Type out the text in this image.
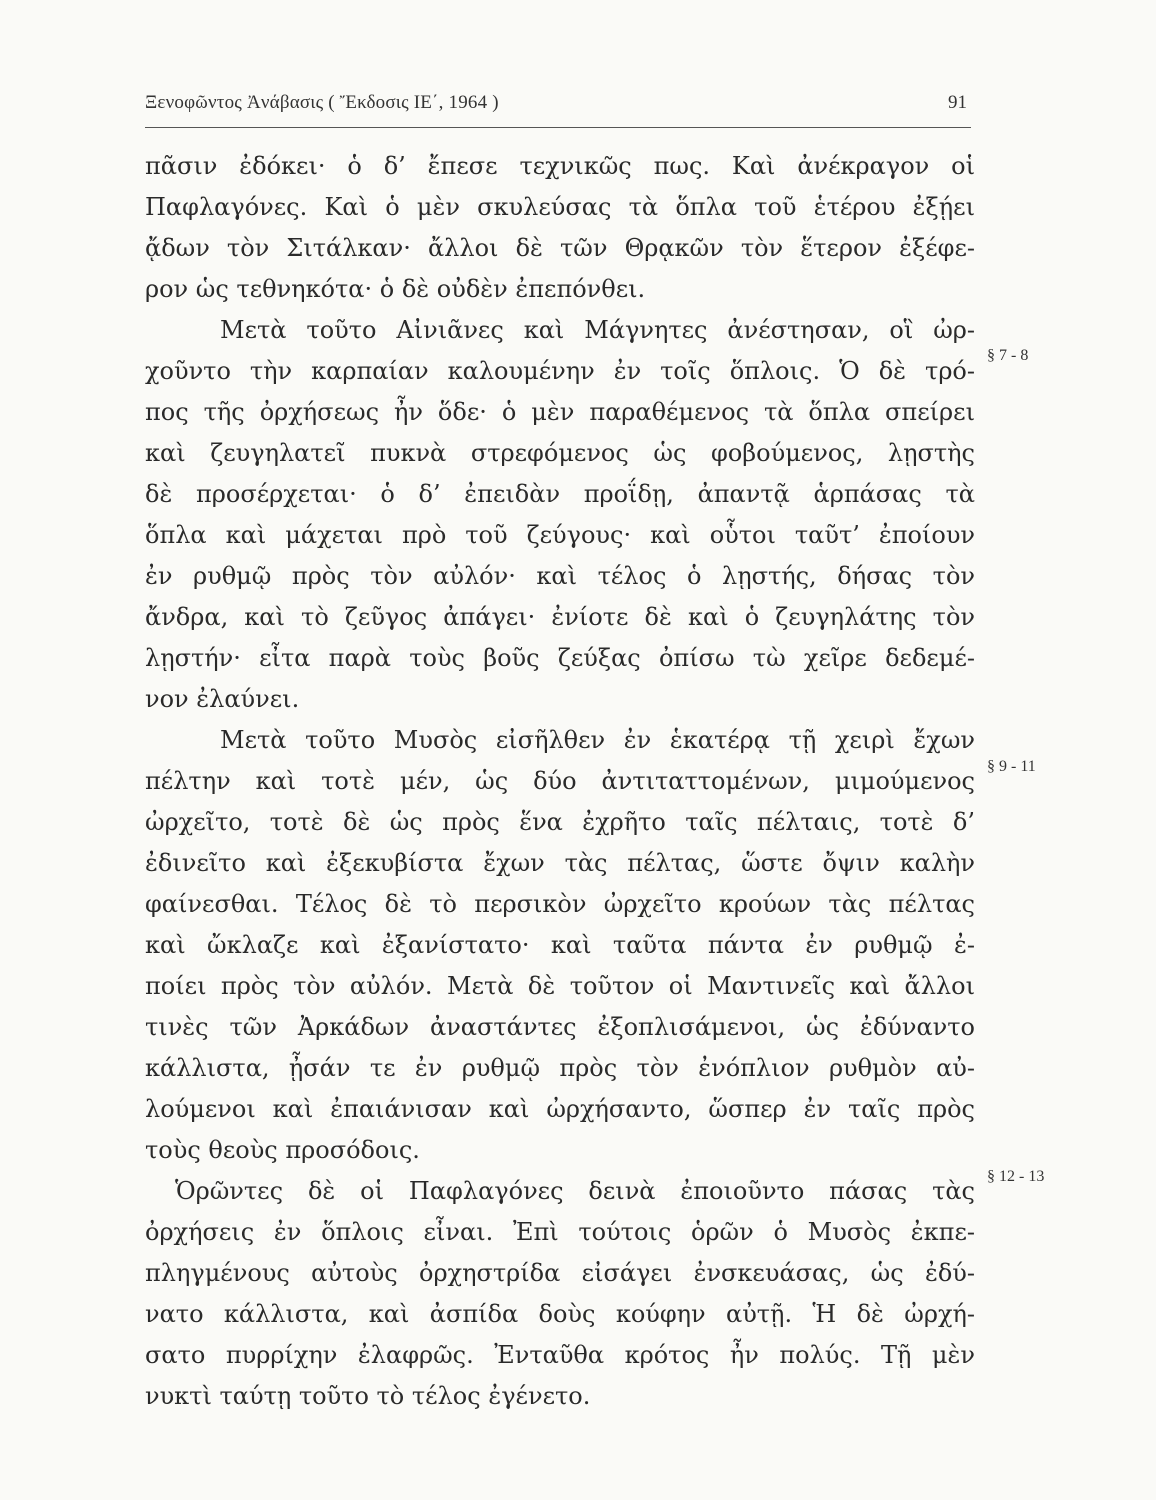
Ξενοφῶντος Ἀνάβασις ( Ἔκδοσις ΙΕ΄, 1964 )	91
πᾶσιν ἐδόκει· ὁ δ’ ἔπεσε τεχνικῶς πως. Καὶ ἀνέκραγον οἱ
Παφλαγόνες. Καὶ ὁ μὲν σκυλεύσας τὰ ὅπλα τοῦ ἑτέρου ἐξῄει
ᾄδων τὸν Σιτάλκαν· ἄλλοι δὲ τῶν Θρᾳκῶν τὸν ἕτερον ἐξέφε-
ρον ὡς τεθνηκότα· ὁ δὲ οὐδὲν ἐπεπόνθει.
Μετὰ τοῦτο Αἰνιᾶνες καὶ Μάγνητες ἀνέστησαν, οἳ ὠρ-
χοῦντο τὴν καρπαίαν καλουμένην ἐν τοῖς ὅπλοις. Ὁ δὲ τρό-
πος τῆς ὀρχήσεως ἦν ὅδε· ὁ μὲν παραθέμενος τὰ ὅπλα σπείρει
καὶ ζευγηλατεῖ πυκνὰ στρεφόμενος ὡς φοβούμενος, λῃστὴς
δὲ προσέρχεται· ὁ δ’ ἐπειδὰν προΐδῃ, ἀπαντᾷ ἁρπάσας τὰ
ὅπλα καὶ μάχεται πρὸ τοῦ ζεύγους· καὶ οὗτοι ταῦτ’ ἐποίουν
ἐν ρυθμῷ πρὸς τὸν αὐλόν· καὶ τέλος ὁ λῃστής, δήσας τὸν
ἄνδρα, καὶ τὸ ζεῦγος ἀπάγει· ἐνίοτε δὲ καὶ ὁ ζευγηλάτης τὸν
λῃστήν· εἶτα παρὰ τοὺς βοῦς ζεύξας ὀπίσω τὼ χεῖρε δεδεμέ-
νον ἐλαύνει.
Μετὰ τοῦτο Μυσὸς εἰσῆλθεν ἐν ἑκατέρᾳ τῇ χειρὶ ἔχων
πέλτην καὶ τοτὲ μέν, ὡς δύο ἀντιταττομένων, μιμούμενος
ὠρχεῖτο, τοτὲ δὲ ὡς πρὸς ἕνα ἐχρῆτο ταῖς πέλταις, τοτὲ δ’
ἐδινεῖτο καὶ ἐξεκυβίστα ἔχων τὰς πέλτας, ὥστε ὄψιν καλὴν
φαίνεσθαι. Τέλος δὲ τὸ περσικὸν ὠρχεῖτο κρούων τὰς πέλτας
καὶ ὤκλαζε καὶ ἐξανίστατο· καὶ ταῦτα πάντα ἐν ρυθμῷ ἐ-
ποίει πρὸς τὸν αὐλόν. Μετὰ δὲ τοῦτον οἱ Μαντινεῖς καὶ ἄλλοι
τινὲς τῶν Ἀρκάδων ἀναστάντες ἐξοπλισάμενοι, ὡς ἐδύναντο
κάλλιστα, ᾖσάν τε ἐν ρυθμῷ πρὸς τὸν ἐνόπλιον ρυθμὸν αὐ-
λούμενοι καὶ ἐπαιάνισαν καὶ ὠρχήσαντο, ὥσπερ ἐν ταῖς πρὸς
τοὺς θεοὺς προσόδοις.
Ὁρῶντες δὲ οἱ Παφλαγόνες δεινὰ ἐποιοῦντο πάσας τὰς
ὀρχήσεις ἐν ὅπλοις εἶναι. Ἐπὶ τούτοις ὁρῶν ὁ Μυσὸς ἐκπε-
πληγμένους αὐτοὺς ὀρχηστρίδα εἰσάγει ἐνσκευάσας, ὡς ἐδύ-
νατο κάλλιστα, καὶ ἀσπίδα δοὺς κούφην αὐτῇ. Ἡ δὲ ὠρχή-
σατο πυρρίχην ἐλαφρῶς. Ἐνταῦθα κρότος ἦν πολύς. Τῇ μὲν
νυκτὶ ταύτῃ τοῦτο τὸ τέλος ἐγένετο.
§ 7 - 8
§ 9 - 11
§ 12 - 13
